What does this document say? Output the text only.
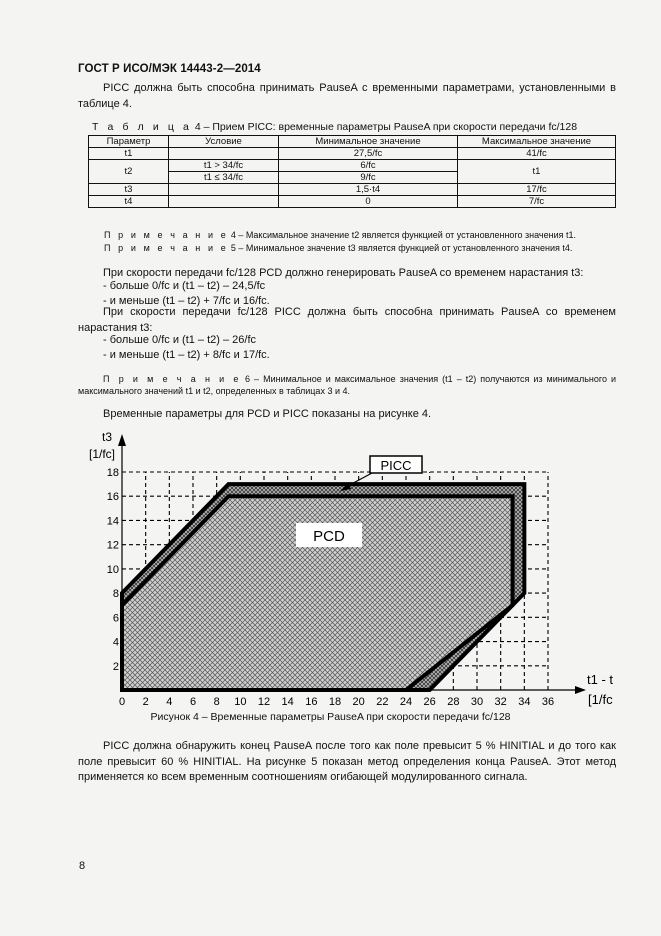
ГОСТ Р ИСО/МЭК 14443-2—2014
PICC должна быть способна принимать PauseA с временными параметрами, установленными в таблице 4.
Т а б л и ц а 4 – Прием PICC: временные параметры PauseA при скорости передачи fc/128
Параметр	Условие	Минимальное значение	Максимальное значение
t1		27,5/fc	41/fc
t2	t1 > 34/fc	6/fc	t1
	t1 ≤ 34/fc	9/fc	
t3		1,5·t4	17/fc
t4		0	7/fc
П р и м е ч а н и е 4 – Максимальное значение t2 является функцией от установленного значения t1.
П р и м е ч а н и е 5 – Минимальное значение t3 является функцией от установленного значения t4.
При скорости передачи fc/128 PCD должно генерировать PauseA со временем нарастания t3:
- больше 0/fc и (t1 – t2) – 24,5/fc
- и меньше (t1 – t2) + 7/fc и 16/fc.
При скорости передачи fc/128 PICC должна быть способна принимать PauseA со временем нарастания t3:
- больше 0/fc и (t1 – t2) – 26/fc
- и меньше (t1 – t2) + 8/fc и 17/fc.
П р и м е ч а н и е 6 – Минимальное и максимальное значения (t1 – t2) получаются из минимального и максимального значений t1 и t2, определенных в таблицах 3 и 4.
Временные параметры для PCD и PICC показаны на рисунке 4.
PCD
PICC
0 2 4 6 8 10 12 14 16 18 20 22 24 26 28 30 32 34 36
2
4
6
8
10
12
14
16
18
t3
[1/fc]
t1 - t
[1/fc
Рисунок 4 – Временные параметры PauseA при скорости передачи fc/128
PICC должна обнаружить конец PauseA после того как поле превысит 5 % HINITIAL и до того как поле превысит 60 % HINITIAL. На рисунке 5 показан метод определения конца PauseA. Этот метод применяется ко всем временным соотношениям огибающей модулированного сигнала.
8
